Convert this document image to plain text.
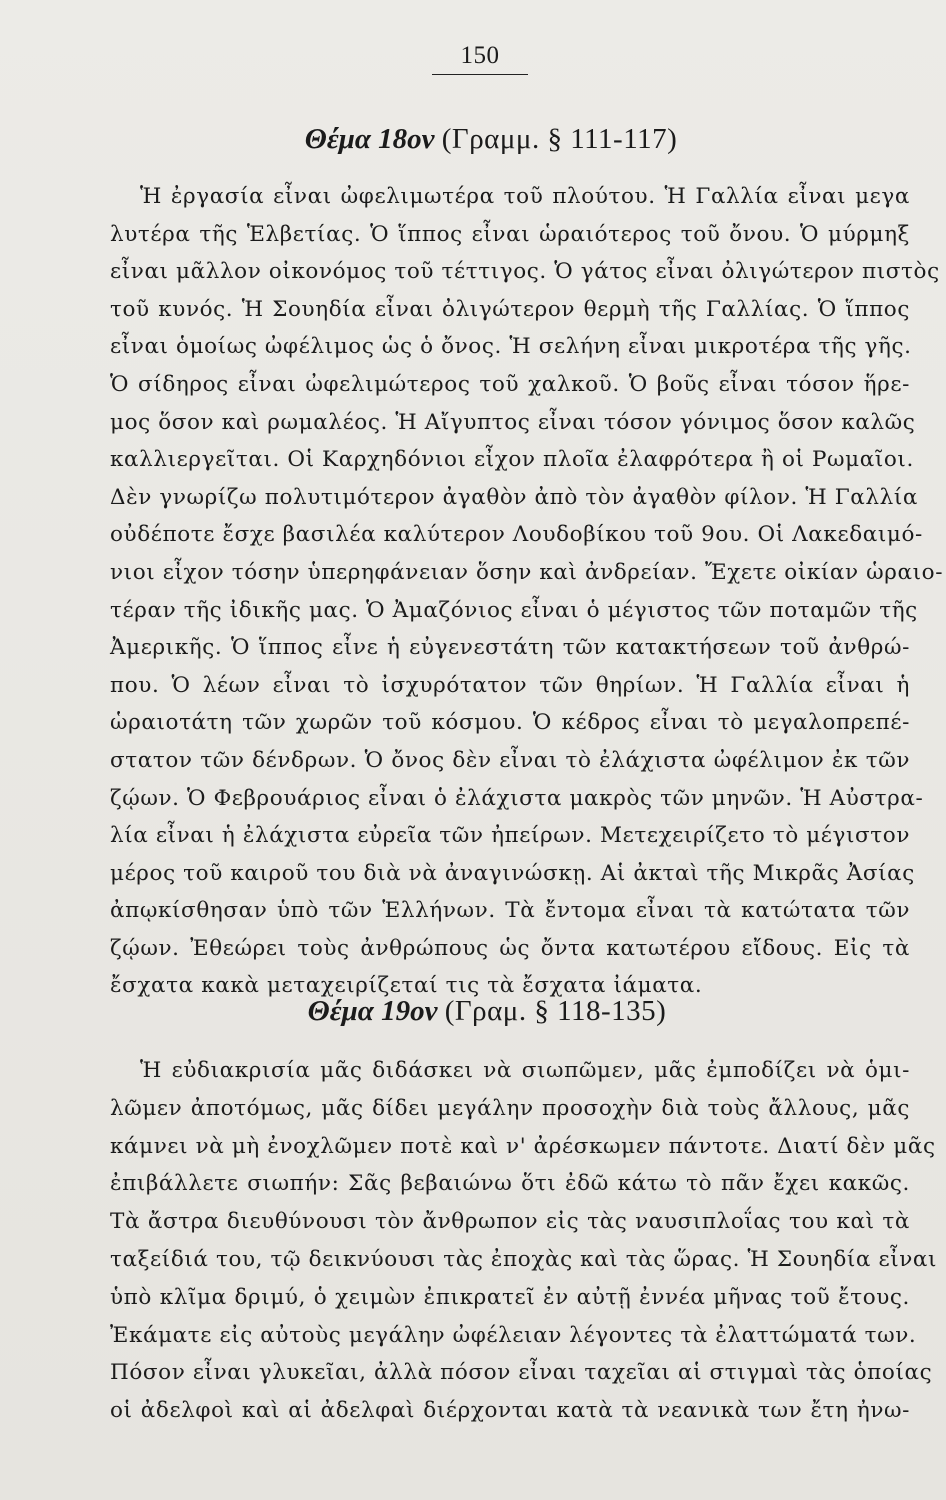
150
Θέμα 18ον (Γραμμ. § 111-117)
Ἡ ἐργασία εἶναι ὠφελιμωτέρα τοῦ πλούτου. Ἡ Γαλλία εἶναι μεγα
λυτέρα τῆς Ἑλβετίας. Ὁ ἵππος εἶναι ὡραιότερος τοῦ ὄνου. Ὁ μύρμηξ
εἶναι μᾶλλον οἰκονόμος τοῦ τέττιγος. Ὁ γάτος εἶναι ὀλιγώτερον πιστὸς
τοῦ κυνός. Ἡ Σουηδία εἶναι ὀλιγώτερον θερμὴ τῆς Γαλλίας. Ὁ ἵππος
εἶναι ὁμοίως ὠφέλιμος ὡς ὁ ὄνος. Ἡ σελήνη εἶναι μικροτέρα τῆς γῆς.
Ὁ σίδηρος εἶναι ὠφελιμώτερος τοῦ χαλκοῦ. Ὁ βοῦς εἶναι τόσον ἥρε-
μος ὅσον καὶ ρωμαλέος. Ἡ Αἴγυπτος εἶναι τόσον γόνιμος ὅσον καλῶς
καλλιεργεῖται. Οἱ Καρχηδόνιοι εἶχον πλοῖα ἐλαφρότερα ἢ οἱ Ρωμαῖοι.
Δὲν γνωρίζω πολυτιμότερον ἀγαθὸν ἀπὸ τὸν ἀγαθὸν φίλον. Ἡ Γαλλία
οὐδέποτε ἔσχε βασιλέα καλύτερον Λουδοβίκου τοῦ 9ου. Οἱ Λακεδαιμό-
νιοι εἶχον τόσην ὑπερηφάνειαν ὅσην καὶ ἀνδρείαν. Ἔχετε οἰκίαν ὡραιο-
τέραν τῆς ἰδικῆς μας. Ὁ Ἀμαζόνιος εἶναι ὁ μέγιστος τῶν ποταμῶν τῆς
Ἀμερικῆς. Ὁ ἵππος εἶνε ἡ εὐγενεστάτη τῶν κατακτήσεων τοῦ ἀνθρώ-
που. Ὁ λέων εἶναι τὸ ἰσχυρότατον τῶν θηρίων. Ἡ Γαλλία εἶναι ἡ
ὡραιοτάτη τῶν χωρῶν τοῦ κόσμου. Ὁ κέδρος εἶναι τὸ μεγαλοπρεπέ-
στατον τῶν δένδρων. Ὁ ὄνος δὲν εἶναι τὸ ἐλάχιστα ὠφέλιμον ἐκ τῶν
ζῴων. Ὁ Φεβρουάριος εἶναι ὁ ἐλάχιστα μακρὸς τῶν μηνῶν. Ἡ Αὐστρα-
λία εἶναι ἡ ἐλάχιστα εὐρεῖα τῶν ἠπείρων. Μετεχειρίζετο τὸ μέγιστον
μέρος τοῦ καιροῦ του διὰ νὰ ἀναγινώσκῃ. Αἱ ἀκταὶ τῆς Μικρᾶς Ἀσίας
ἀπῳκίσθησαν ὑπὸ τῶν Ἑλλήνων. Τὰ ἔντομα εἶναι τὰ κατώτατα τῶν
ζῴων. Ἐθεώρει τοὺς ἀνθρώπους ὡς ὄντα κατωτέρου εἴδους. Εἰς τὰ
ἔσχατα κακὰ μεταχειρίζεταί τις τὰ ἔσχατα ἰάματα.
Θέμα 19ον (Γραμ. § 118-135)
Ἡ εὐδιακρισία μᾶς διδάσκει νὰ σιωπῶμεν, μᾶς ἐμποδίζει νὰ ὁμι-
λῶμεν ἀποτόμως, μᾶς δίδει μεγάλην προσοχὴν διὰ τοὺς ἄλλους, μᾶς
κάμνει νὰ μὴ ἐνοχλῶμεν ποτὲ καὶ ν' ἀρέσκωμεν πάντοτε. Διατί δὲν μᾶς
ἐπιβάλλετε σιωπήν: Σᾶς βεβαιώνω ὅτι ἐδῶ κάτω τὸ πᾶν ἔχει κακῶς.
Τὰ ἄστρα διευθύνουσι τὸν ἄνθρωπον εἰς τὰς ναυσιπλοΐας του καὶ τὰ
ταξείδιά του, τῷ δεικνύουσι τὰς ἐποχὰς καὶ τὰς ὥρας. Ἡ Σουηδία εἶναι
ὑπὸ κλῖμα δριμύ, ὁ χειμὼν ἐπικρατεῖ ἐν αὐτῇ ἐννέα μῆνας τοῦ ἔτους.
Ἐκάματε εἰς αὐτοὺς μεγάλην ὠφέλειαν λέγοντες τὰ ἐλαττώματά των.
Πόσον εἶναι γλυκεῖαι, ἀλλὰ πόσον εἶναι ταχεῖαι αἱ στιγμαὶ τὰς ὁποίας
οἱ ἀδελφοὶ καὶ αἱ ἀδελφαὶ διέρχονται κατὰ τὰ νεανικὰ των ἔτη ἠνω-
